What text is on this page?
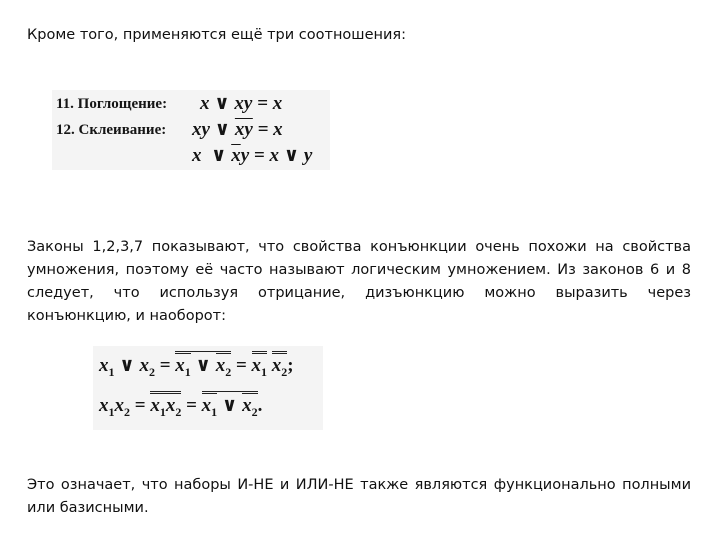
Кроме того, применяются ещё три соотношения:

11. Поглощение: x ∨ xy = x
12. Склеивание: xy ∨ $\overline{xy} = x$
x  ∨ $\overline{x}y = x$ ∨ y

Законы 1,2,3,7 показывают, что свойства конъюнкции очень похожи на свойства умножения, поэтому её часто называют логическим умножением. Из законов 6 и 8 следует, что используя отрицание, дизъюнкцию можно выразить через конъюнкцию, и наоборот:

$x_1$ ∨ $x_2 = x_1$ ∨ $x_2 = x_1$ $x_2$;
$x_1x_2 = x_1x_2 = x_1$ ∨ $x_2$.

Это означает, что наборы И-НЕ и ИЛИ-НЕ также являются функционально полными или базисными.
